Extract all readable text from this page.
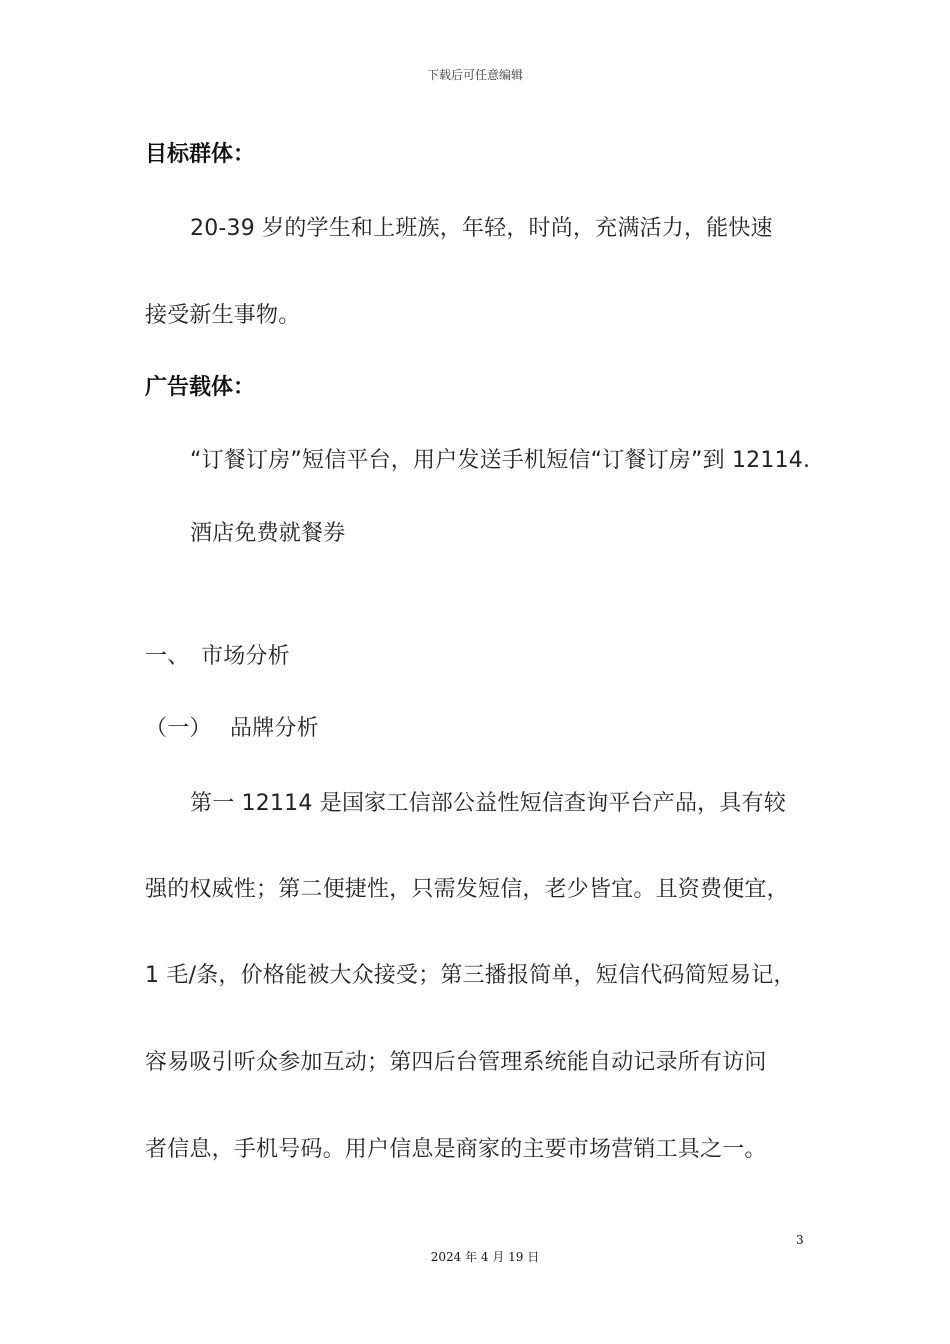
下载后可任意编辑
目标群体：
20-39 岁的学生和上班族，年轻，时尚，充满活力，能快速
接受新生事物。
广告载体：
“订餐订房”短信平台，用户发送手机短信“订餐订房”到 12114.
酒店免费就餐券
一、 市场分析
（一） 品牌分析
第一 12114 是国家工信部公益性短信查询平台产品，具有较
强的权威性；第二便捷性，只需发短信，老少皆宜。且资费便宜，
1 毛/条，价格能被大众接受；第三播报简单，短信代码简短易记，
容易吸引听众参加互动；第四后台管理系统能自动记录所有访问
者信息，手机号码。用户信息是商家的主要市场营销工具之一。
3
2024 年 4 月 19 日
